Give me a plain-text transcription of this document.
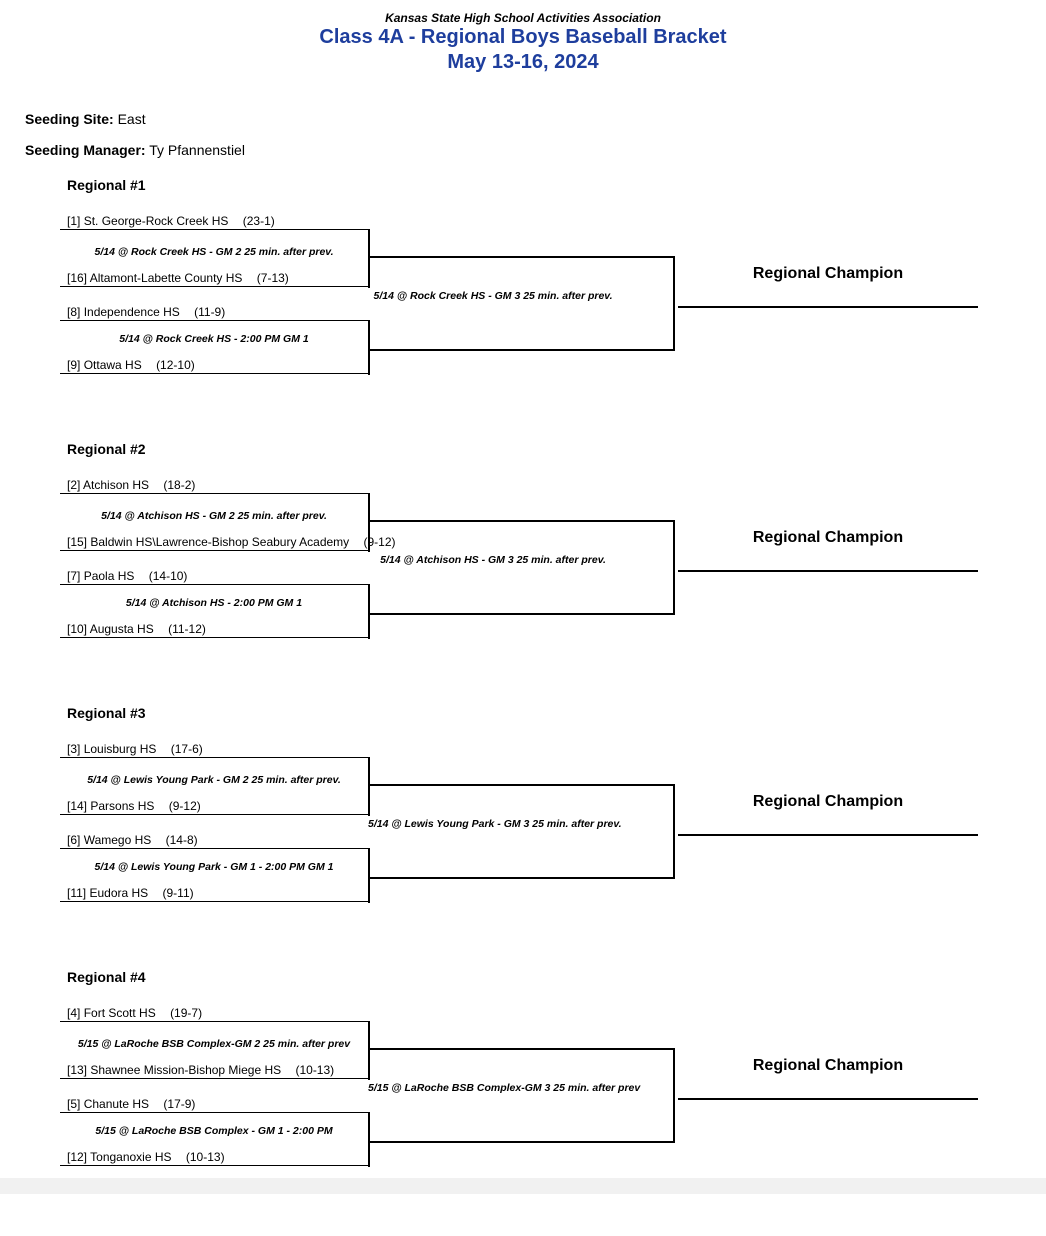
Kansas State High School Activities Association
Class 4A - Regional Boys Baseball Bracket
May 13-16, 2024
Seeding Site: East
Seeding Manager: Ty Pfannenstiel
Regional #1
[1] St. George-Rock Creek HS (23-1)
5/14 @ Rock Creek HS - GM 2 25 min. after prev.
[16] Altamont-Labette County HS (7-13)
[8] Independence HS (11-9)
5/14 @ Rock Creek HS - 2:00 PM GM 1
[9] Ottawa HS (12-10)
5/14 @ Rock Creek HS - GM 3 25 min. after prev.
Regional Champion
Regional #2
[2] Atchison HS (18-2)
5/14 @ Atchison HS - GM 2 25 min. after prev.
[15] Baldwin HS\Lawrence-Bishop Seabury Academy (9-12)
[7] Paola HS (14-10)
5/14 @ Atchison HS - 2:00 PM GM 1
[10] Augusta HS (11-12)
5/14 @ Atchison HS - GM 3 25 min. after prev.
Regional Champion
Regional #3
[3] Louisburg HS (17-6)
5/14 @ Lewis Young Park - GM 2 25 min. after prev.
[14] Parsons HS (9-12)
[6] Wamego HS (14-8)
5/14 @ Lewis Young Park - GM 1 - 2:00 PM GM 1
[11] Eudora HS (9-11)
5/14 @ Lewis Young Park - GM 3 25 min. after prev.
Regional Champion
Regional #4
[4] Fort Scott HS (19-7)
5/15 @ LaRoche BSB Complex-GM 2 25 min. after prev
[13] Shawnee Mission-Bishop Miege HS (10-13)
[5] Chanute HS (17-9)
5/15 @ LaRoche BSB Complex - GM 1 - 2:00 PM
[12] Tonganoxie HS (10-13)
5/15 @ LaRoche BSB Complex-GM 3 25 min. after prev
Regional Champion
